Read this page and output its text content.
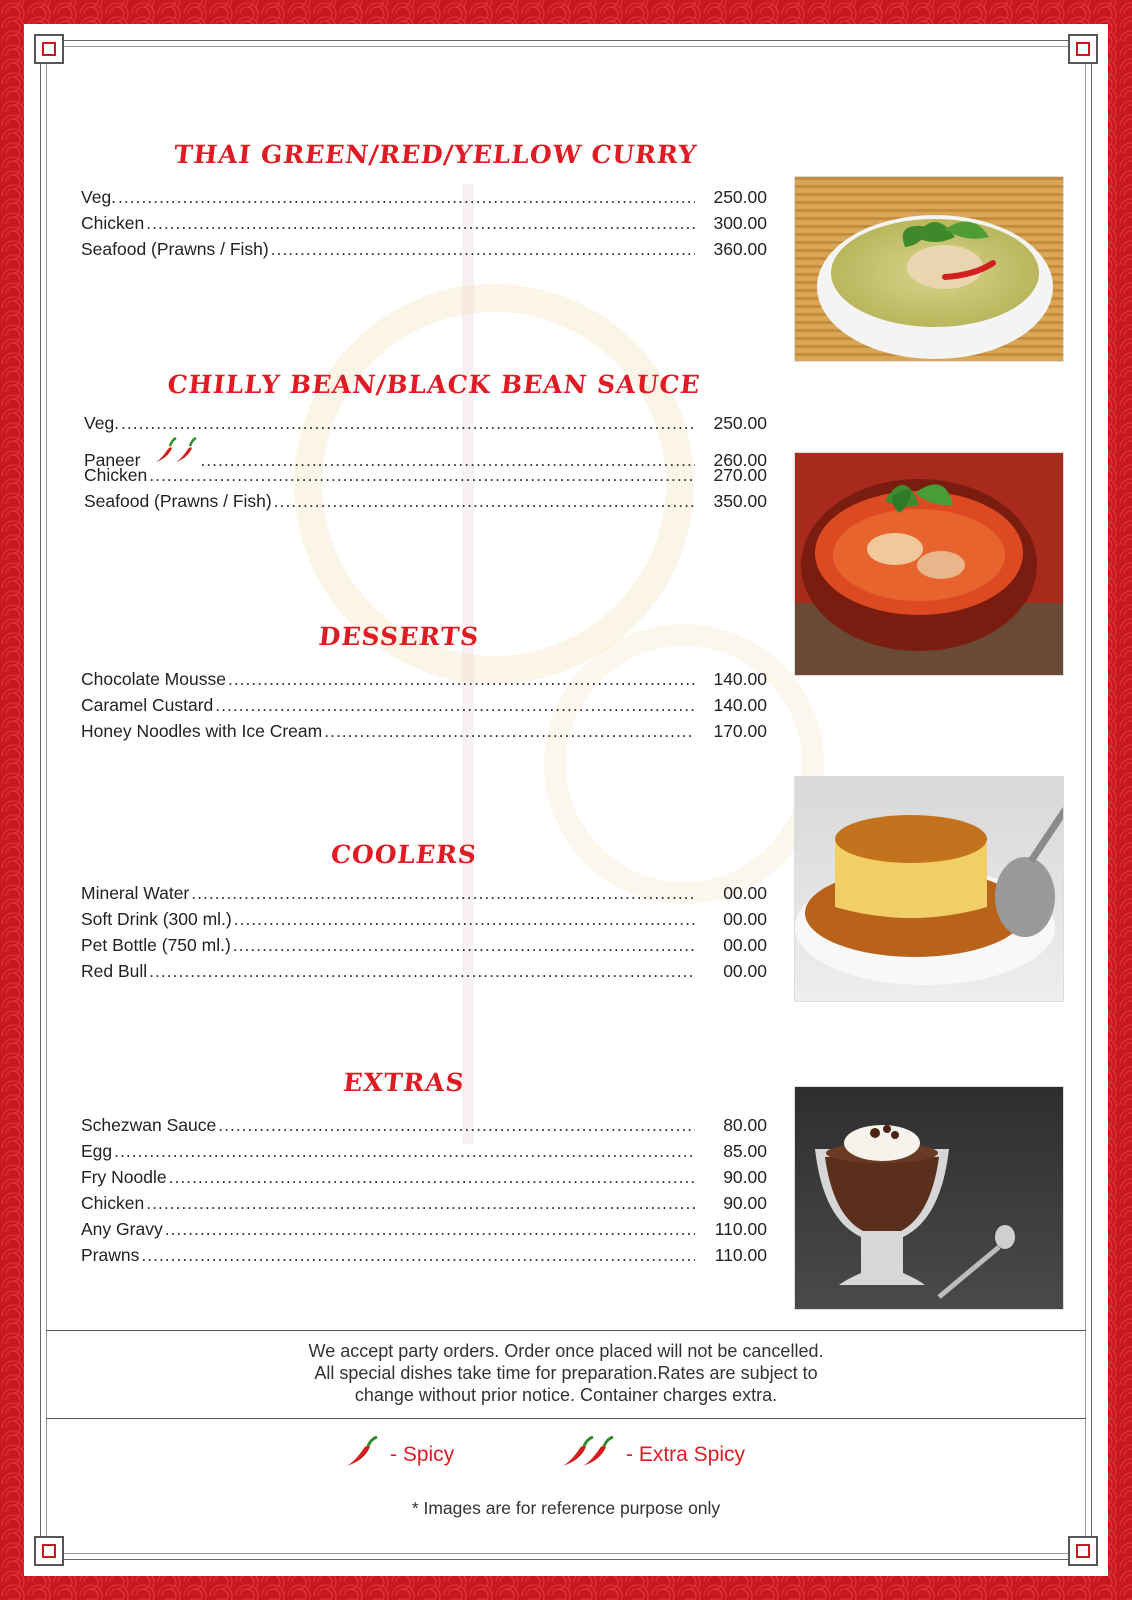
THAI GREEN/RED/YELLOW CURRY
Veg. .....	250.00
Chicken .....	300.00
Seafood (Prawns / Fish) .....	360.00
CHILLY BEAN/BLACK BEAN SAUCE
Veg. .....	250.00
Paneer .....	260.00
Chicken .....	270.00
Seafood (Prawns / Fish) .....	350.00
DESSERTS
Chocolate Mousse .....	140.00
Caramel Custard .....	140.00
Honey Noodles with Ice Cream .....	170.00
COOLERS
Mineral Water .....	00.00
Soft Drink (300 ml.) .....	00.00
Pet Bottle (750 ml.) .....	00.00
Red Bull .....	00.00
EXTRAS
Schezwan Sauce .....	80.00
Egg .....	85.00
Fry Noodle .....	90.00
Chicken .....	90.00
Any Gravy .....	110.00
Prawns .....	110.00
We accept party orders. Order once placed will not be cancelled.
All special dishes take time for preparation.Rates are subject to
change without prior notice. Container charges extra.
- Spicy	- Extra Spicy
* Images are for reference purpose only
